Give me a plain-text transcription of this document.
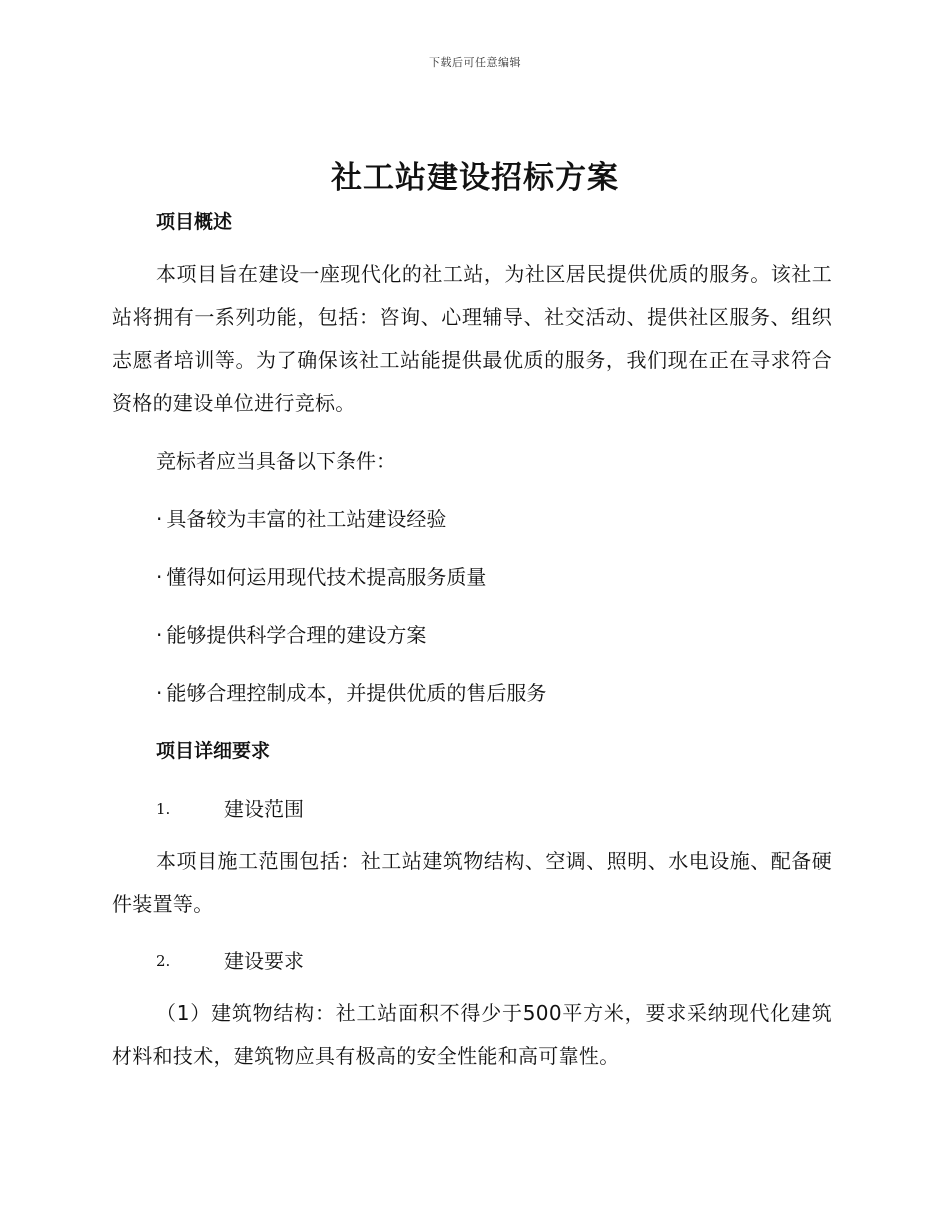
下载后可任意编辑
社工站建设招标方案
项目概述

本项目旨在建设一座现代化的社工站，为社区居民提供优质的服务。该社工站将拥有一系列功能，包括：咨询、心理辅导、社交活动、提供社区服务、组织志愿者培训等。为了确保该社工站能提供最优质的服务，我们现在正在寻求符合资格的建设单位进行竞标。

竞标者应当具备以下条件：

· 具备较为丰富的社工站建设经验

· 懂得如何运用现代技术提高服务质量

· 能够提供科学合理的建设方案

· 能够合理控制成本，并提供优质的售后服务

项目详细要求
1.	建设范围

本项目施工范围包括：社工站建筑物结构、空调、照明、水电设施、配备硬件装置等。

2.	建设要求

（1）建筑物结构：社工站面积不得少于500平方米，要求采纳现代化建筑材料和技术，建筑物应具有极高的安全性能和高可靠性。
